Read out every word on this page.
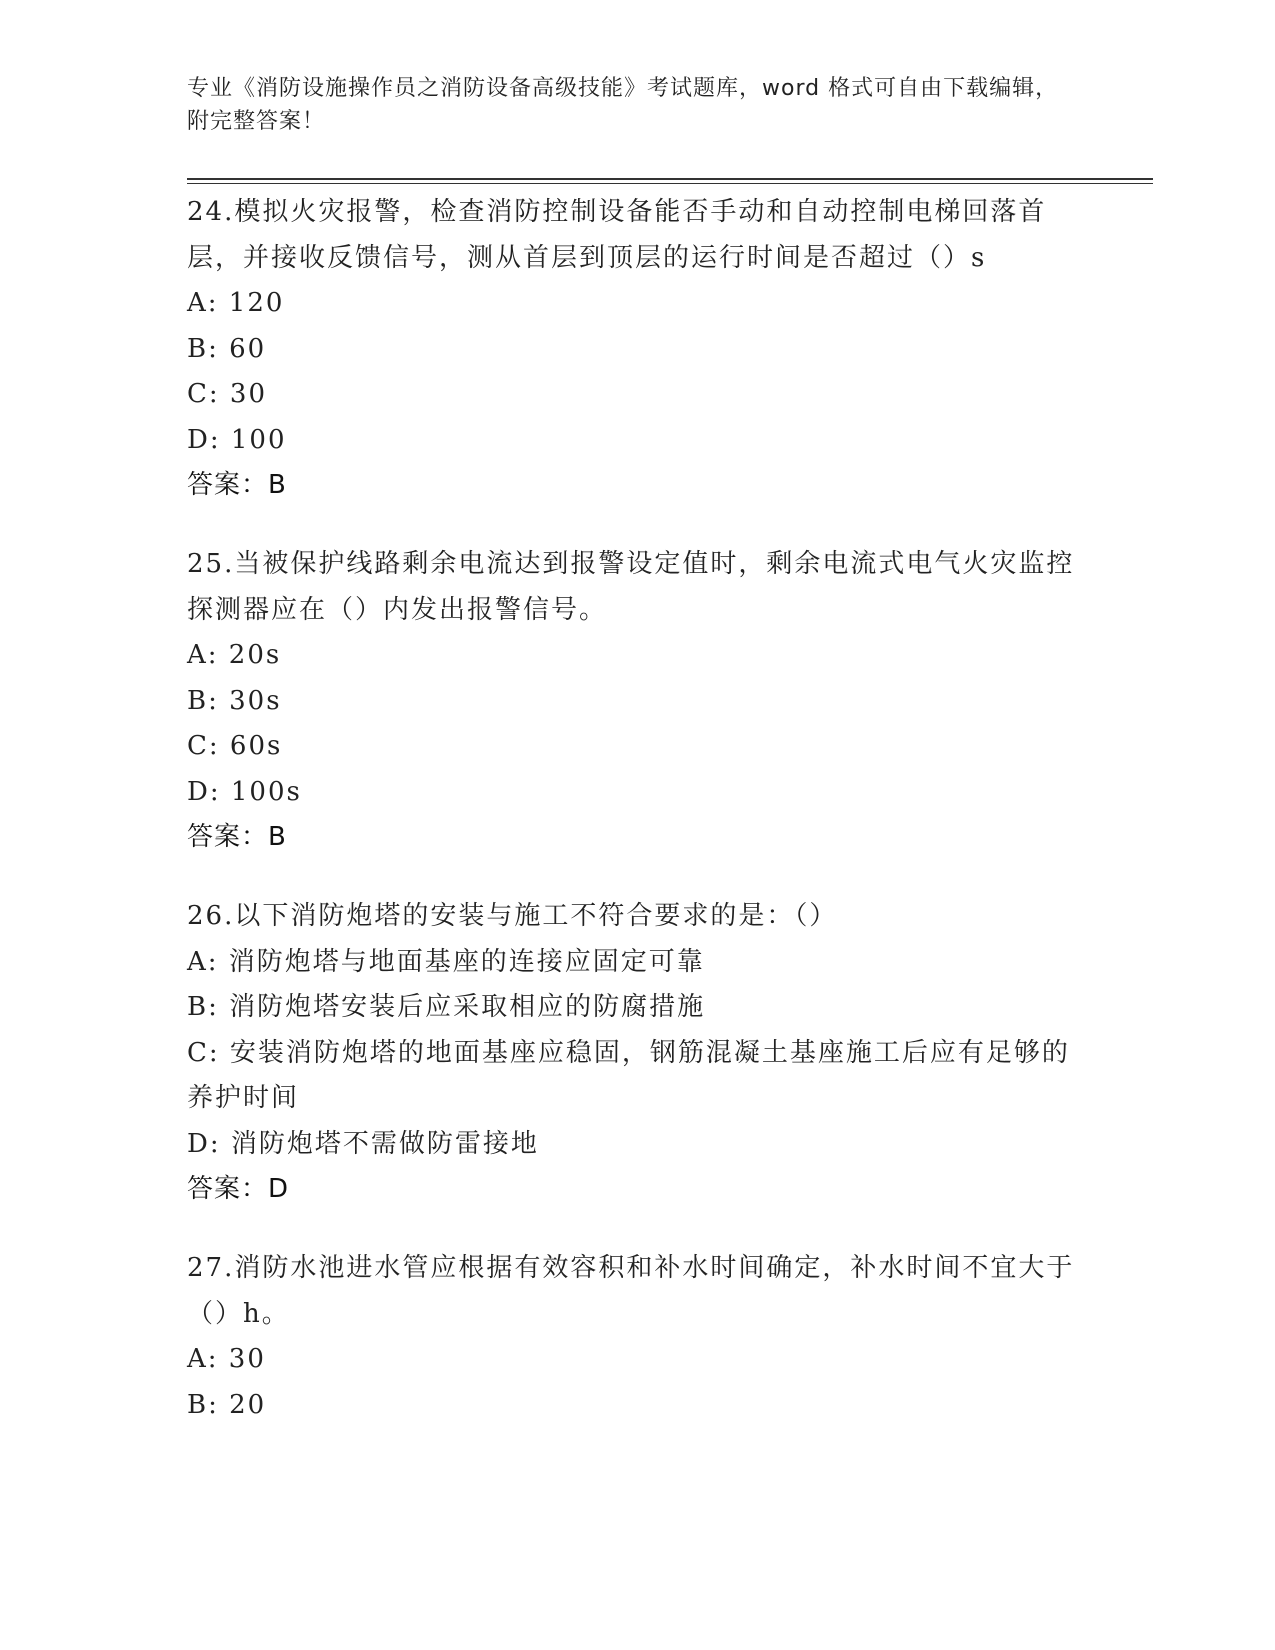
专业《消防设施操作员之消防设备高级技能》考试题库，word 格式可自由下载编辑，附完整答案！
24.模拟火灾报警，检查消防控制设备能否手动和自动控制电梯回落首层，并接收反馈信号，测从首层到顶层的运行时间是否超过（）s
A: 120
B: 60
C: 30
D: 100
答案：B
25.当被保护线路剩余电流达到报警设定值时，剩余电流式电气火灾监控探测器应在（）内发出报警信号。
A: 20s
B: 30s
C: 60s
D: 100s
答案：B
26.以下消防炮塔的安装与施工不符合要求的是：（）
A: 消防炮塔与地面基座的连接应固定可靠
B: 消防炮塔安装后应采取相应的防腐措施
C: 安装消防炮塔的地面基座应稳固，钢筋混凝土基座施工后应有足够的养护时间
D: 消防炮塔不需做防雷接地
答案：D
27.消防水池进水管应根据有效容积和补水时间确定，补水时间不宜大于（）h。
A: 30
B: 20
